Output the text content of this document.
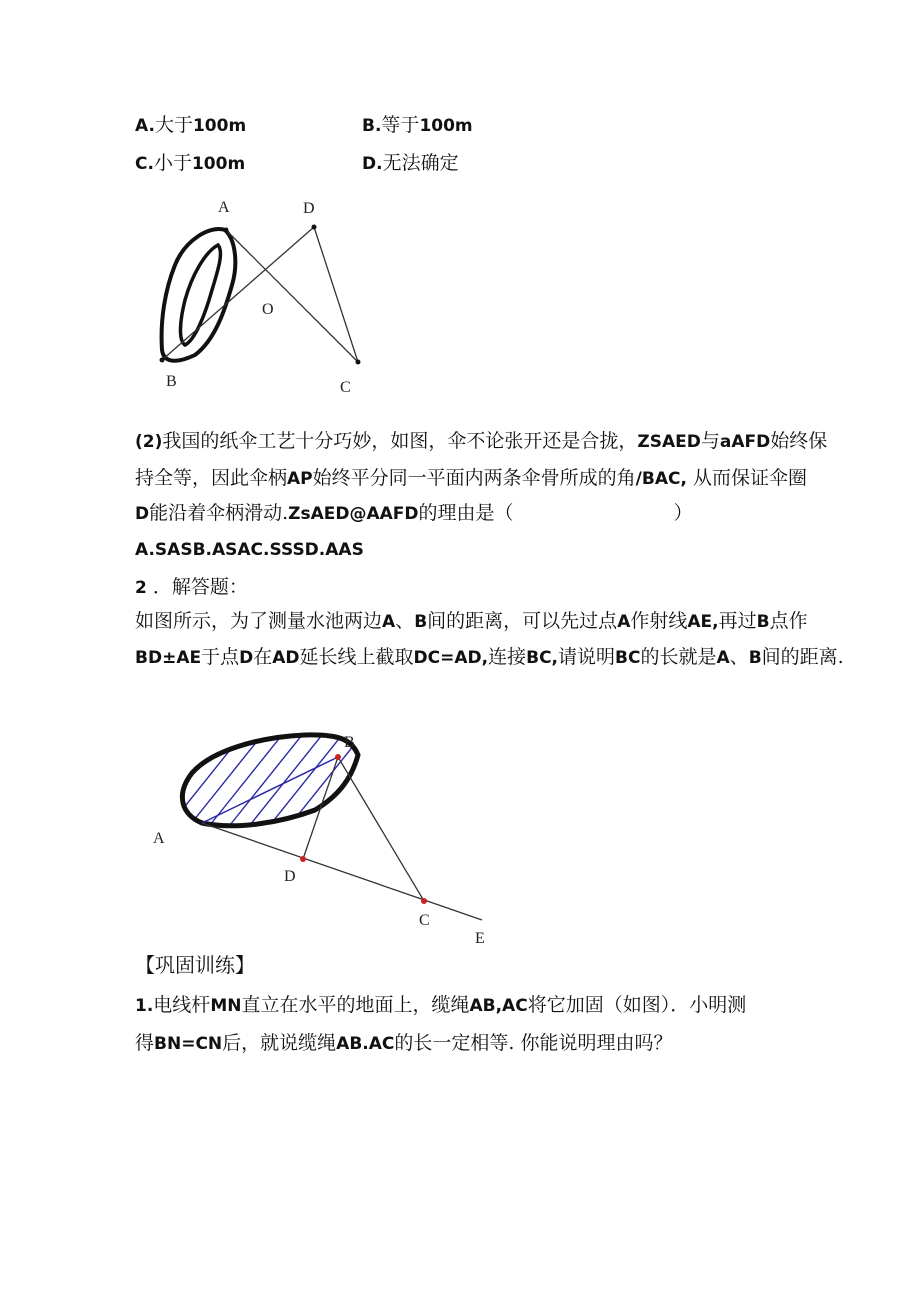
A.大于100m	B.等于100m
C.小于100m	D.无法确定
A	D
O
B	C
(2)我国的纸伞工艺十分巧妙，如图，伞不论张开还是合拢，ZSAED与aAFD始终保
持全等，因此伞柄AP始终平分同一平面内两条伞骨所成的角/BAC, 从而保证伞圈
D能沿着伞柄滑动.ZsAED@AAFD的理由是（	）
A.SASB.ASAC.SSSD.AAS
2 ．解答题：
如图所示，为了测量水池两边A、B间的距离，可以先过点A作射线AE,再过B点作
BD±AE于点D在AD延长线上截取DC=AD,连接BC,请说明BC的长就是A、B间的距离.
B
A
D
C
E
【巩固训练】
1.电线杆MN直立在水平的地面上，缆绳AB,AC将它加固（如图）．小明测
得BN=CN后，就说缆绳AB.AC的长一定相等. 你能说明理由吗？
